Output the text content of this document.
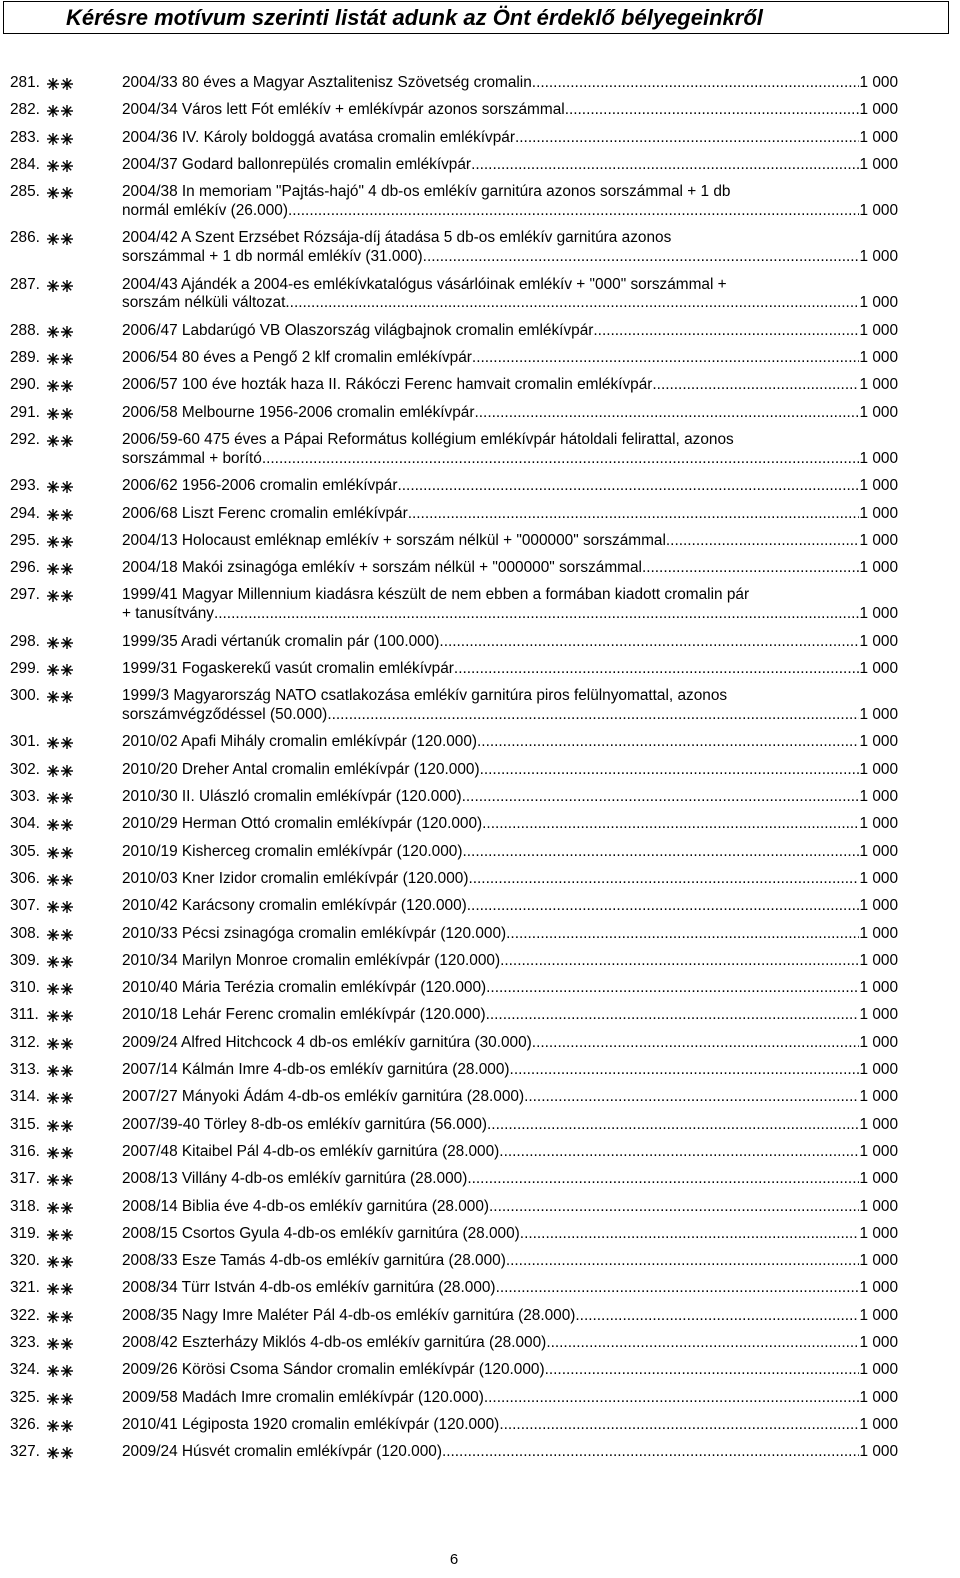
Kérésre motívum szerinti listát adunk az Önt érdeklő bélyegeinkről
281.	2004/33 80 éves a Magyar Asztalitenisz Szövetség cromalin .....	1 000
282.	2004/34 Város lett Fót emlékív + emlékívpár azonos sorszámmal .....	1 000
283.	2004/36 IV. Károly boldoggá avatása cromalin emlékívpár .....	1 000
284.	2004/37 Godard ballonrepülés cromalin emlékívpár .....	1 000
285.	2004/38 In memoriam "Pajtás-hajó" 4 db-os emlékív garnitúra azonos sorszámmal + 1 db
normál emlékív (26.000) .....	1 000
286.	2004/42 A Szent Erzsébet Rózsája-díj átadása 5 db-os emlékív garnitúra azonos
sorszámmal + 1 db normál emlékív (31.000) .....	1 000
287.	2004/43 Ajándék a 2004-es emlékívkatalógus vásárlóinak emlékív + "000" sorszámmal +
sorszám nélküli változat .....	1 000
288.	2006/47 Labdarúgó VB Olaszország világbajnok cromalin emlékívpár .....	1 000
289.	2006/54 80 éves a Pengő 2 klf cromalin emlékívpár .....	1 000
290.	2006/57 100 éve hozták haza II. Rákóczi Ferenc hamvait cromalin emlékívpár .....	1 000
291.	2006/58 Melbourne 1956-2006 cromalin emlékívpár .....	1 000
292.	2006/59-60 475 éves a Pápai Református kollégium emlékívpár hátoldali felirattal, azonos
sorszámmal + borító .....	1 000
293.	2006/62 1956-2006 cromalin emlékívpár .....	1 000
294.	2006/68 Liszt Ferenc cromalin emlékívpár .....	1 000
295.	2004/13 Holocaust emléknap emlékív + sorszám nélkül + "000000" sorszámmal .....	1 000
296.	2004/18 Makói zsinagóga emlékív + sorszám nélkül + "000000" sorszámmal .....	1 000
297.	1999/41 Magyar Millennium kiadásra készült de nem ebben a formában kiadott cromalin pár
+ tanusítvány .....	1 000
298.	1999/35 Aradi vértanúk cromalin pár (100.000) .....	1 000
299.	1999/31 Fogaskerekű vasút cromalin emlékívpár .....	1 000
300.	1999/3 Magyarország NATO csatlakozása emlékív garnitúra piros felülnyomattal, azonos
sorszámvégződéssel (50.000) .....	1 000
301.	2010/02 Apafi Mihály cromalin emlékívpár (120.000) .....	1 000
302.	2010/20 Dreher Antal cromalin emlékívpár (120.000) .....	1 000
303.	2010/30 II. Ulászló cromalin emlékívpár (120.000) .....	1 000
304.	2010/29 Herman Ottó cromalin emlékívpár (120.000) .....	1 000
305.	2010/19 Kisherceg cromalin emlékívpár (120.000) .....	1 000
306.	2010/03 Kner Izidor cromalin emlékívpár (120.000) .....	1 000
307.	2010/42 Karácsony cromalin emlékívpár (120.000) .....	1 000
308.	2010/33 Pécsi zsinagóga cromalin emlékívpár (120.000) .....	1 000
309.	2010/34 Marilyn Monroe cromalin emlékívpár (120.000) .....	1 000
310.	2010/40 Mária Terézia cromalin emlékívpár (120.000) .....	1 000
311.	2010/18 Lehár Ferenc cromalin emlékívpár (120.000) .....	1 000
312.	2009/24 Alfred Hitchcock 4 db-os emlékív garnitúra (30.000) .....	1 000
313.	2007/14 Kálmán Imre 4-db-os emlékív garnitúra (28.000) .....	1 000
314.	2007/27 Mányoki Ádám 4-db-os emlékív garnitúra (28.000) .....	1 000
315.	2007/39-40 Törley 8-db-os emlékív garnitúra (56.000) .....	1 000
316.	2007/48 Kitaibel Pál 4-db-os emlékív garnitúra (28.000) .....	1 000
317.	2008/13 Villány 4-db-os emlékív garnitúra (28.000) .....	1 000
318.	2008/14 Biblia éve 4-db-os emlékív garnitúra (28.000) .....	1 000
319.	2008/15 Csortos Gyula 4-db-os emlékív garnitúra (28.000) .....	1 000
320.	2008/33 Esze Tamás 4-db-os emlékív garnitúra (28.000) .....	1 000
321.	2008/34 Türr István 4-db-os emlékív garnitúra (28.000) .....	1 000
322.	2008/35 Nagy Imre Maléter Pál 4-db-os emlékív garnitúra (28.000) .....	1 000
323.	2008/42 Eszterházy Miklós 4-db-os emlékív garnitúra (28.000) .....	1 000
324.	2009/26 Körösi Csoma Sándor cromalin emlékívpár (120.000) .....	1 000
325.	2009/58 Madách Imre cromalin emlékívpár (120.000) .....	1 000
326.	2010/41 Légiposta 1920 cromalin emlékívpár (120.000) .....	1 000
327.	2009/24 Húsvét cromalin emlékívpár (120.000) .....	1 000
6
